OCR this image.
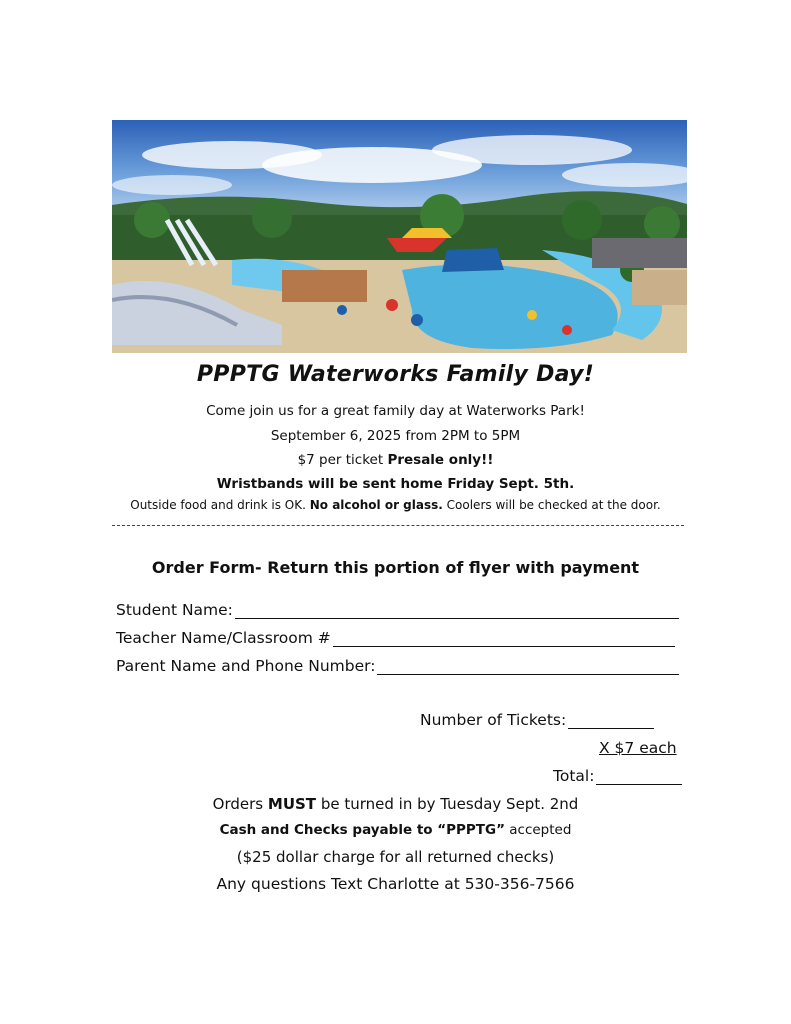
PPPTG Waterworks Family Day!
Come join us for a great family day at Waterworks Park!
September 6, 2025 from 2PM to 5PM
$7 per ticket Presale only!!
Wristbands will be sent home Friday Sept. 5th.
Outside food and drink is OK. No alcohol or glass. Coolers will be checked at the door.
Order Form- Return this portion of flyer with payment
Student Name:
Teacher Name/Classroom #
Parent Name and Phone Number:
Number of Tickets:
X $7 each
Total:
Orders MUST be turned in by Tuesday Sept. 2nd
Cash and Checks payable to “PPPTG” accepted
($25 dollar charge for all returned checks)
Any questions Text Charlotte at 530-356-7566
